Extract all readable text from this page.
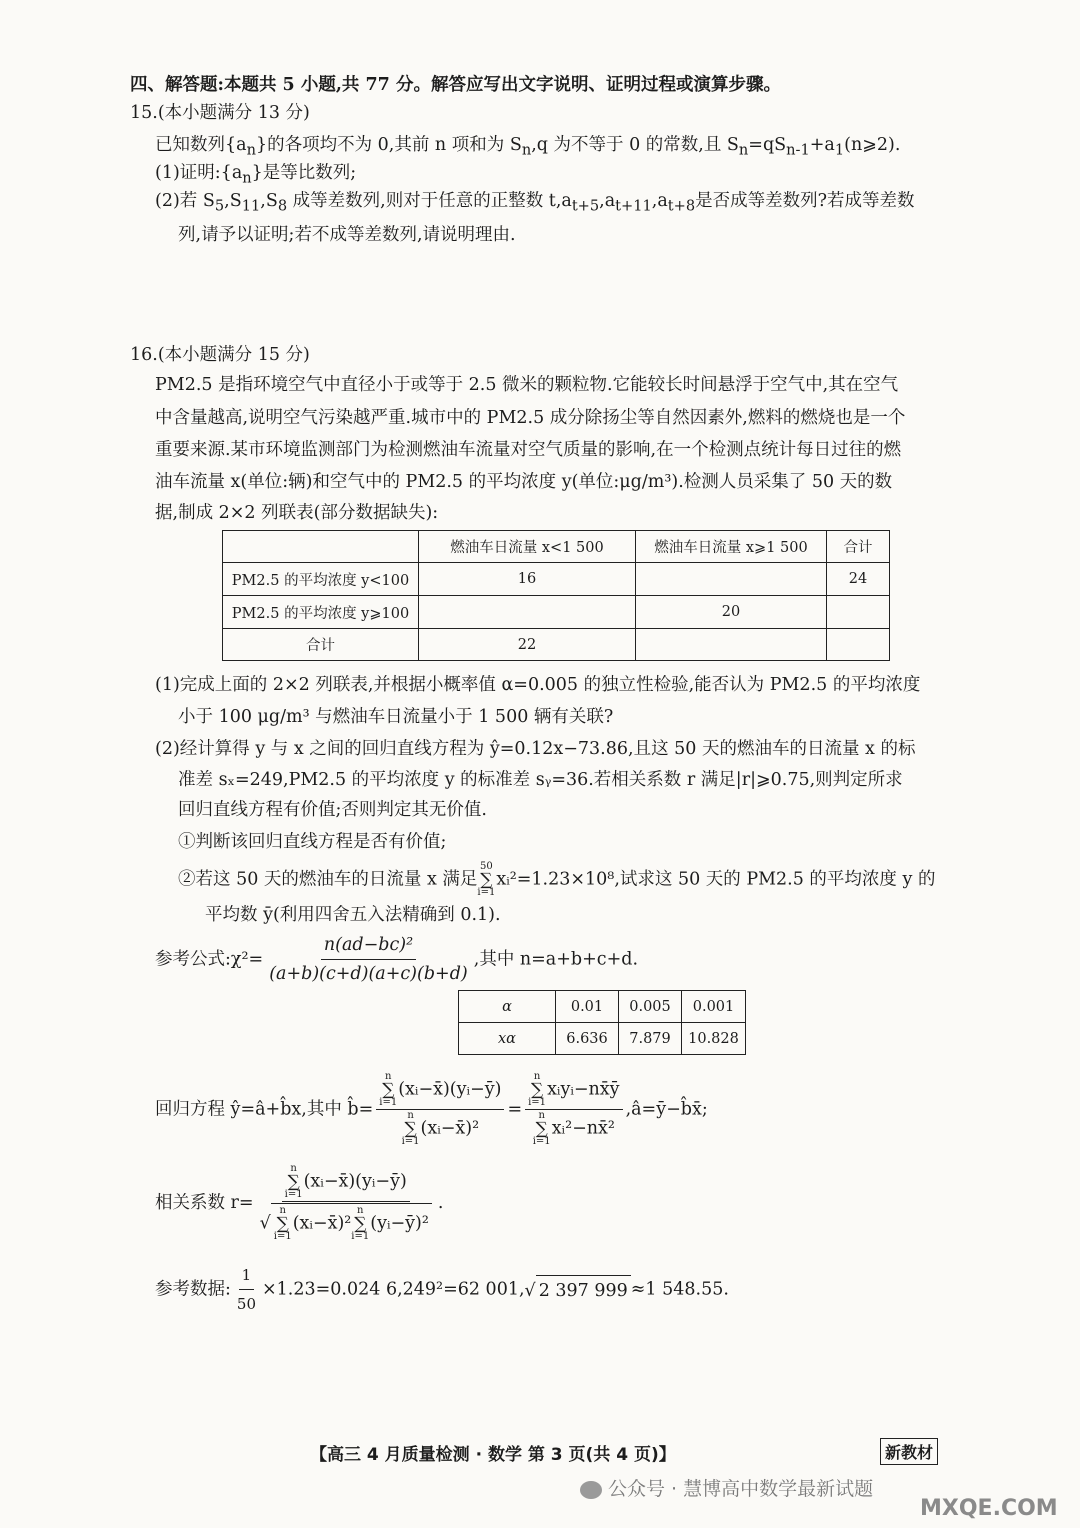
四、解答题:本题共 5 小题,共 77 分。解答应写出文字说明、证明过程或演算步骤。
15.(本小题满分 13 分)
已知数列$\{a_n\}$的各项均不为 0,其前 n 项和为 $S_n,q$ 为不等于 0 的常数,且 $S_n=qS_{n-1}+a_1(n⩾2)$.
(1)证明$:\{a_n\}$是等比数列;
(2)若 $S_5,S_{11},S_8$ 成等差数列,则对于任意的正整数 $t,a_{t+5},a_{t+11},a_{t+8}$是否成等差数列?若成等差数
列,请予以证明;若不成等差数列,请说明理由.
16.(本小题满分 15 分)
PM2.5 是指环境空气中直径小于或等于 2.5 微米的颗粒物.它能较长时间悬浮于空气中,其在空气
中含量越高,说明空气污染越严重.城市中的 PM2.5 成分除扬尘等自然因素外,燃料的燃烧也是一个
重要来源.某市环境监测部门为检测燃油车流量对空气质量的影响,在一个检测点统计每日过往的燃
油车流量 x(单位:辆)和空气中的 PM2.5 的平均浓度 y(单位:μg/m³).检测人员采集了 50 天的数
据,制成 2×2 列联表(部分数据缺失):
	燃油车日流量 x<1 500	燃油车日流量 x⩾1 500	合计
PM2.5 的平均浓度 y<100	16		24
PM2.5 的平均浓度 y⩾100		20	
合计	22		
(1)完成上面的 2×2 列联表,并根据小概率值 α=0.005 的独立性检验,能否认为 PM2.5 的平均浓度
小于 100 μg/m³ 与燃油车日流量小于 1 500 辆有关联?
(2)经计算得 y 与 x 之间的回归直线方程为 ŷ=0.12x−73.86,且这 50 天的燃油车的日流量 x 的标
准差 sₓ=249,PM2.5 的平均浓度 y 的标准差 sᵧ=36.若相关系数 r 满足|r|⩾0.75,则判定所求
回归直线方程有价值;否则判定其无价值.
①判断该回归直线方程是否有价值;
②若这 50 天的燃油车的日流量 x 满足
50
∑
i=1
xᵢ²=1.23×10⁸,试求这 50 天的 PM2.5 的平均浓度 y 的
平均数 ȳ(利用四舍五入法精确到 0.1).
参考公式:χ²= $\frac{\text{n(ad−bc)²}}{(a+b)(c+d)(a+c)(b+d)}$ ,其中 n=a+b+c+d.
α	0.01	0.005	0.001
xα	6.636	7.879	10.828
回归方程 ŷ=â+b̂x,其中 b̂= n
∑
i=1
(xᵢ−x̄)(yᵢ−ȳ)
n
∑
i=1
(xᵢ−x̄)² = n
∑
i=1
xᵢyᵢ−nx̄ȳ
n
∑
i=1
xᵢ²−nx̄² ,â=ȳ−b̂x̄;
相关系数 r= n
∑
i=1
(xᵢ−x̄)(yᵢ−ȳ)
√
n
∑
i=1
(xᵢ−x̄)²
n
∑
i=1
(yᵢ−ȳ)² .
参考数据: $\frac{1}{50} \times 1.23=0.024$ 6,249²=62 001,√ 2 397 999 ≈1 548.55.
【高三 4 月质量检测 · 数学 第 3 页(共 4 页)】	新教材
公众号 · 慧博高中数学最新试题
MXQE.COM
